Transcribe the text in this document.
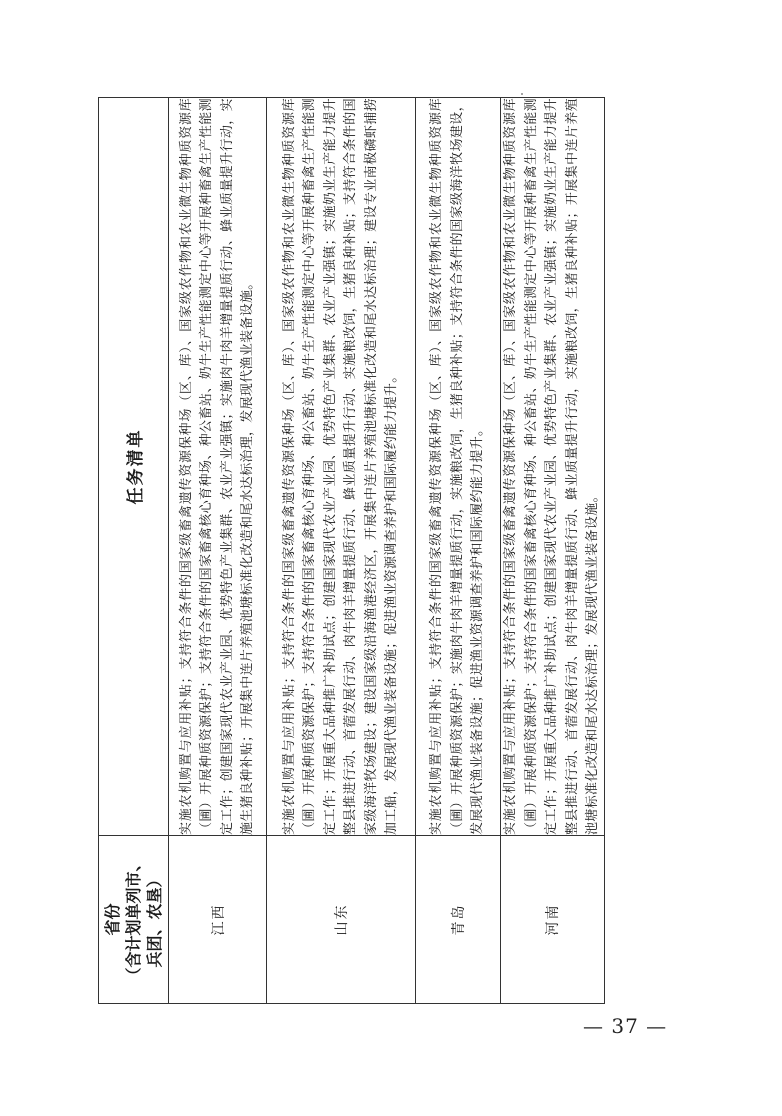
省份 （含计划单列市、 兵团、农垦）	任务清单

江西	实施农机购置与应用补贴；支持符合条件的国家级畜禽遗传资源保种场（区、库）、国家级农作物和农业微生物种质资源库（圃）开展种质资源保护；支持符合条件的国家畜禽核心育种场、种公畜站、奶牛生产性能测定中心等开展种畜禽生产性能测定工作；创建国家现代农业产业园、优势特色产业集群、农业产业强镇；实施肉牛肉羊增量提质行动、蜂业质量提升行动，实施生猪良种补贴；开展集中连片养殖池塘标准化改造和尾水达标治理，发展现代渔业装备设施。
山东	实施农机购置与应用补贴；支持符合条件的国家级畜禽遗传资源保种场（区、库）、国家级农作物和农业微生物种质资源库（圃）开展种质资源保护；支持符合条件的国家畜禽核心育种场、种公畜站、奶牛生产性能测定中心等开展种畜禽生产性能测定工作；开展重大品种推广补助试点；创建国家现代农业产业园、优势特色产业集群、农业产业强镇；实施奶业生产能力提升整县推进行动、首蓿发展行动、肉牛肉羊增量提质行动、蜂业质量提升行动、实施粮改饲，生猪良种补贴；支持符合条件的国家级海洋牧场建设；建设国家级沿海渔港经济区，开展集中连片养殖池塘标准化改造和尾水达标治理；建设专业南极磷虾捕捞加工船，发展现代渔业装备设施；促进渔业资源调查养护和国际履约能力提升。
青岛	实施农机购置与应用补贴；支持符合条件的国家级畜禽遗传资源保种场（区、库）、国家级农作物和农业微生物种质资源库（圃）开展种质资源保护；实施肉牛肉羊增量提质行动，实施粮改饲，生猪良种补贴；支持符合条件的国家级海洋牧场建设，发展现代渔业装备设施；促进渔业资源调查养护和国际履约能力提升。
河南	实施农机购置与应用补贴；支持符合条件的国家级畜禽遗传资源保种场（区、库）、国家级农作物和农业微生物种质资源库（圃）开展种质资源保护；支持符合条件的国家畜禽核心育种场、种公畜站、奶牛生产性能测定中心等开展种畜禽生产性能测定工作；开展重大品种推广补助试点；创建国家现代农业产业园、优势特色产业集群、农业产业强镇；实施奶业生产能力提升整县推进行动、首蓿发展行动、肉牛肉羊增量提质行动、蜂业质量提升行动，实施粮改饲，生猪良种补贴；开展集中连片养殖池塘标准化改造和尾水达标治理；发展现代渔业装备设施。
— 37 —
